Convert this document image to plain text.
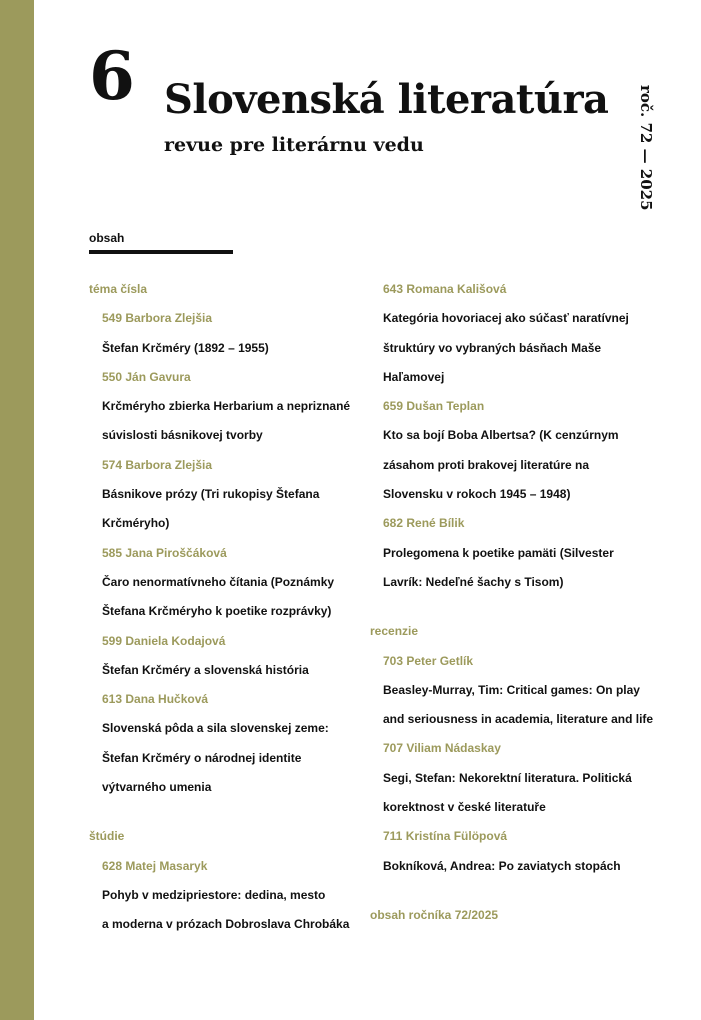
6 Slovenská literatúra
revue pre literárnu vedu	roč. 72 — 2025
obsah
téma čísla
549 Barbora Zlejšia
Štefan Krčméry (1892 – 1955)
550 Ján Gavura
Krčméryho zbierka Herbarium a nepriznané
súvislosti básnikovej tvorby
574 Barbora Zlejšia
Básnikove prózy (Tri rukopisy Štefana
Krčméryho)
585 Jana Piroščáková
Čaro nenormatívneho čítania (Poznámky
Štefana Krčméryho k poetike rozprávky)
599 Daniela Kodajová
Štefan Krčméry a slovenská história
613 Dana Hučková
Slovenská pôda a sila slovenskej zeme:
Štefan Krčméry o národnej identite
výtvarného umenia
štúdie
628 Matej Masaryk
Pohyb v medzipriestore: dedina, mesto
a moderna v prózach Dobroslava Chrobáka
643 Romana Kališová
Kategória hovoriacej ako súčasť naratívnej
štruktúry vo vybraných básňach Maše
Haľamovej
659 Dušan Teplan
Kto sa bojí Boba Albertsa? (K cenzúrnym
zásahom proti brakovej literatúre na
Slovensku v rokoch 1945 – 1948)
682 René Bílik
Prolegomena k poetike pamäti (Silvester
Lavrík: Nedeľné šachy s Tisom)
recenzie
703 Peter Getlík
Beasley-Murray, Tim: Critical games: On play
and seriousness in academia, literature and life
707 Viliam Nádaskay
Segi, Stefan: Nekorektní literatura. Politická
korektnost v české literatuře
711 Kristína Fülöpová
Bokníková, Andrea: Po zaviatych stopách
obsah ročníka 72/2025
